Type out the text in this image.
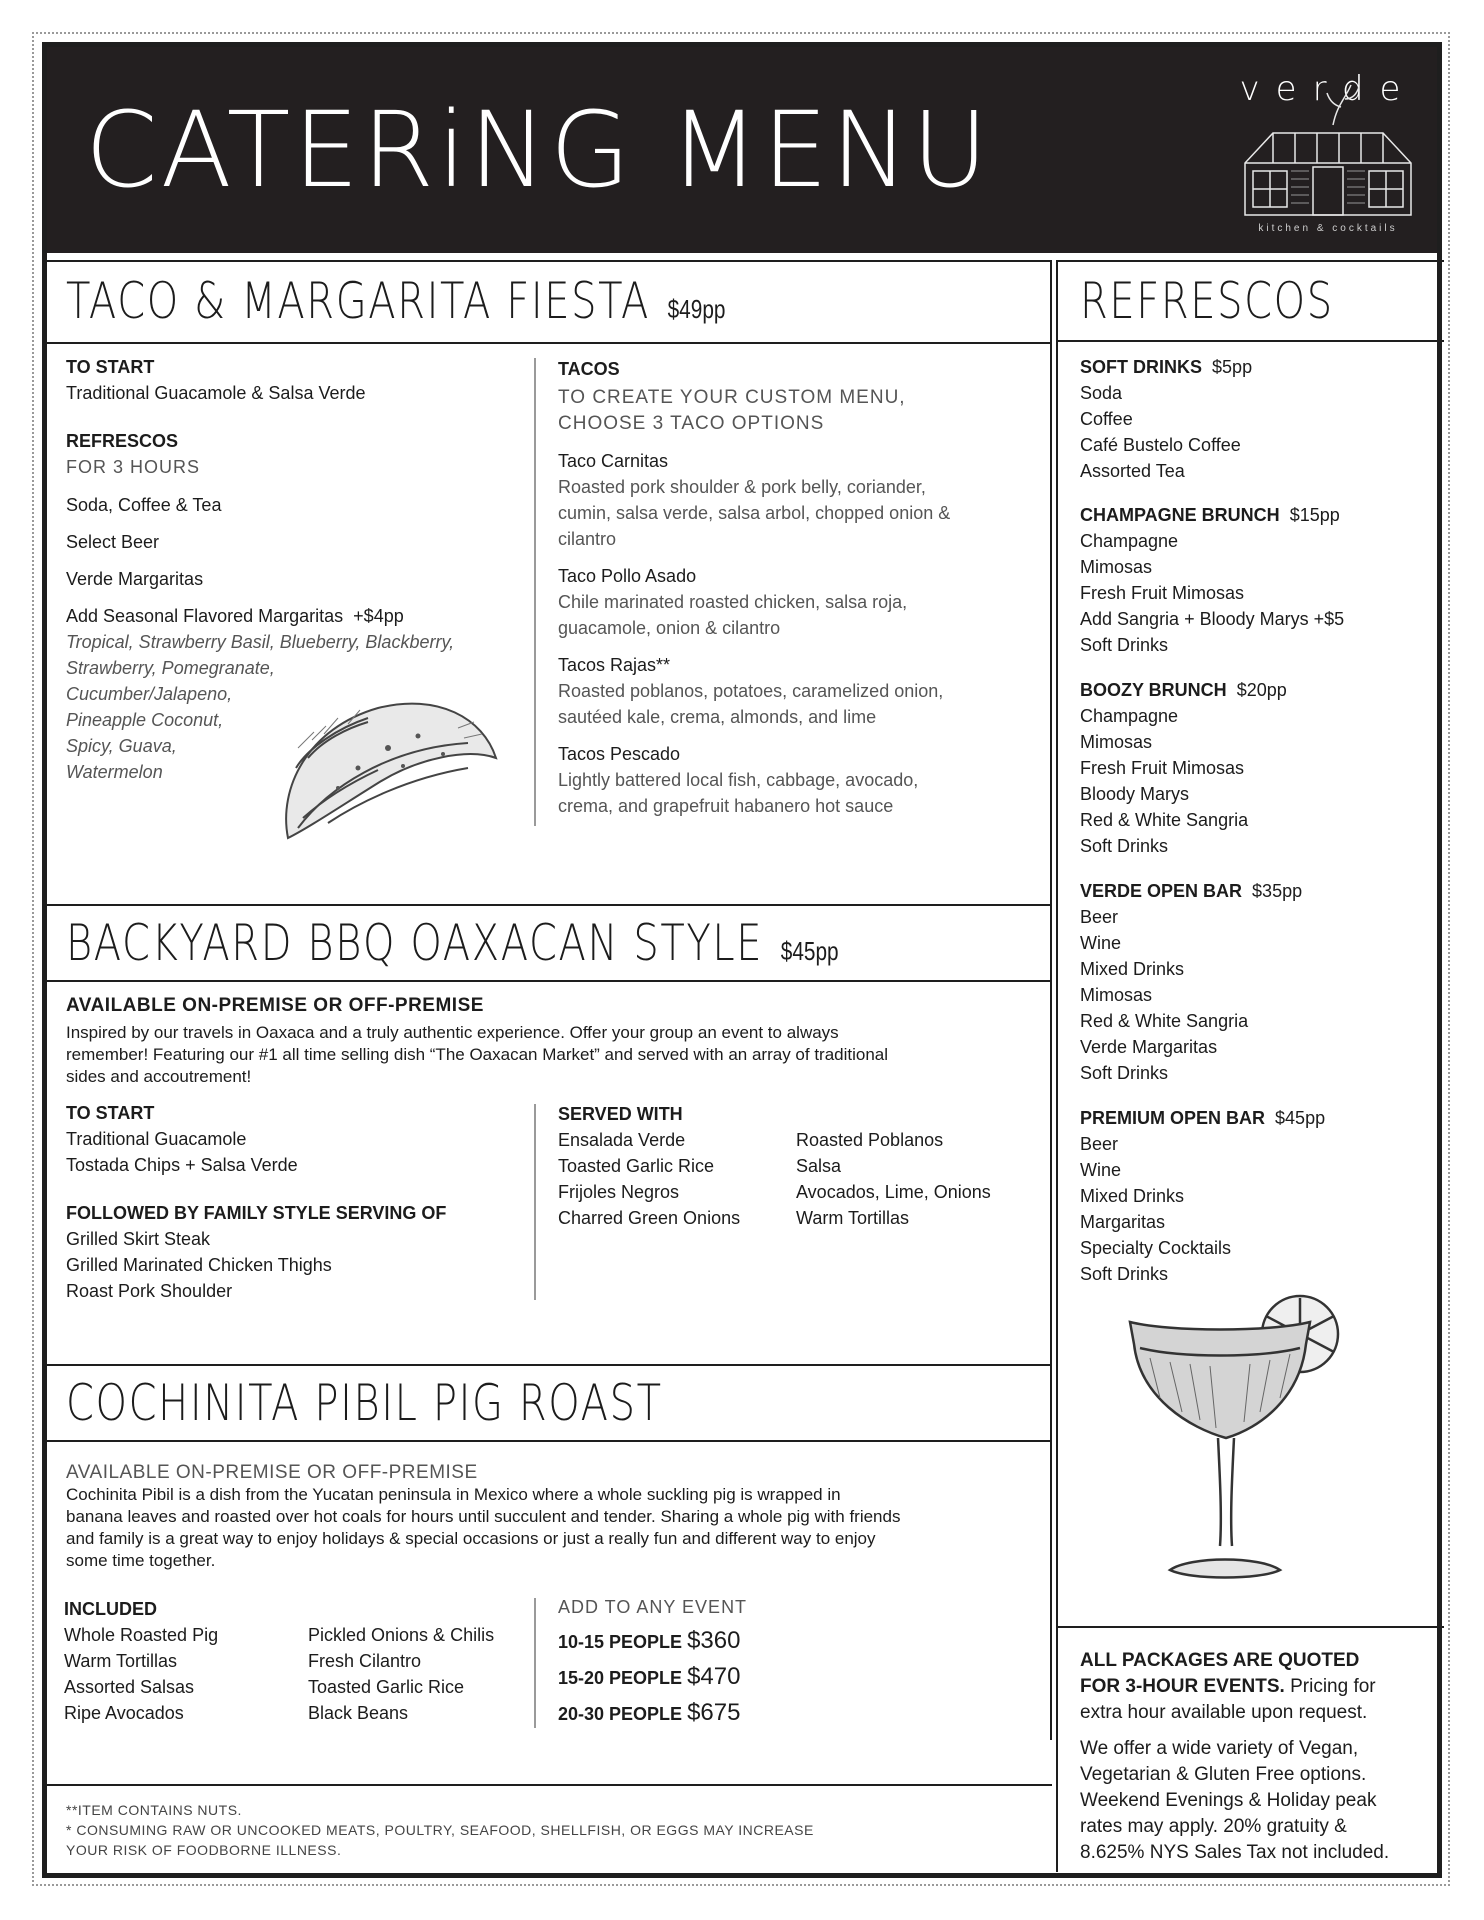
CATERiNG MENU	verde
kitchen & cocktails
TACO & MARGARITA FIESTA $49pp
TO START
Traditional Guacamole & Salsa Verde
REFRESCOS
FOR 3 HOURS
Soda, Coffee & Tea
Select Beer
Verde Margaritas
Add Seasonal Flavored Margaritas +$4pp
Tropical, Strawberry Basil, Blueberry, Blackberry,
Strawberry, Pomegranate,
Cucumber/Jalapeno,
Pineapple Coconut,
Spicy, Guava,
Watermelon
TACOS
TO CREATE YOUR CUSTOM MENU,
CHOOSE 3 TACO OPTIONS
Taco Carnitas
Roasted pork shoulder & pork belly, coriander,
cumin, salsa verde, salsa arbol, chopped onion &
cilantro
Taco Pollo Asado
Chile marinated roasted chicken, salsa roja,
guacamole, onion & cilantro
Tacos Rajas**
Roasted poblanos, potatoes, caramelized onion,
sautéed kale, crema, almonds, and lime
Tacos Pescado
Lightly battered local fish, cabbage, avocado,
crema, and grapefruit habanero hot sauce
BACKYARD BBQ OAXACAN STYLE $45pp
AVAILABLE ON-PREMISE OR OFF-PREMISE
Inspired by our travels in Oaxaca and a truly authentic experience. Offer your group an event to always
remember! Featuring our #1 all time selling dish “The Oaxacan Market” and served with an array of traditional
sides and accoutrement!
TO START
Traditional Guacamole
Tostada Chips + Salsa Verde
FOLLOWED BY FAMILY STYLE SERVING OF
Grilled Skirt Steak
Grilled Marinated Chicken Thighs
Roast Pork Shoulder
SERVED WITH
Ensalada Verde
Toasted Garlic Rice
Frijoles Negros
Charred Green Onions
Roasted Poblanos
Salsa
Avocados, Lime, Onions
Warm Tortillas
COCHINITA PIBIL PIG ROAST
AVAILABLE ON-PREMISE OR OFF-PREMISE
Cochinita Pibil is a dish from the Yucatan peninsula in Mexico where a whole suckling pig is wrapped in
banana leaves and roasted over hot coals for hours until succulent and tender. Sharing a whole pig with friends
and family is a great way to enjoy holidays & special occasions or just a really fun and different way to enjoy
some time together.
INCLUDED
Whole Roasted Pig
Warm Tortillas
Assorted Salsas
Ripe Avocados
Pickled Onions & Chilis
Fresh Cilantro
Toasted Garlic Rice
Black Beans
ADD TO ANY EVENT
10-15 PEOPLE $360
15-20 PEOPLE $470
20-30 PEOPLE $675
**ITEM CONTAINS NUTS.
* CONSUMING RAW OR UNCOOKED MEATS, POULTRY, SEAFOOD, SHELLFISH, OR EGGS MAY INCREASE
YOUR RISK OF FOODBORNE ILLNESS.
REFRESCOS
SOFT DRINKS $5pp
Soda
Coffee
Café Bustelo Coffee
Assorted Tea
CHAMPAGNE BRUNCH $15pp
Champagne
Mimosas
Fresh Fruit Mimosas
Add Sangria + Bloody Marys +$5
Soft Drinks
BOOZY BRUNCH $20pp
Champagne
Mimosas
Fresh Fruit Mimosas
Bloody Marys
Red & White Sangria
Soft Drinks
VERDE OPEN BAR $35pp
Beer
Wine
Mixed Drinks
Mimosas
Red & White Sangria
Verde Margaritas
Soft Drinks
PREMIUM OPEN BAR $45pp
Beer
Wine
Mixed Drinks
Margaritas
Specialty Cocktails
Soft Drinks
ALL PACKAGES ARE QUOTED
FOR 3-HOUR EVENTS. Pricing for
extra hour available upon request.
We offer a wide variety of Vegan,
Vegetarian & Gluten Free options.
Weekend Evenings & Holiday peak
rates may apply. 20% gratuity &
8.625% NYS Sales Tax not included.
